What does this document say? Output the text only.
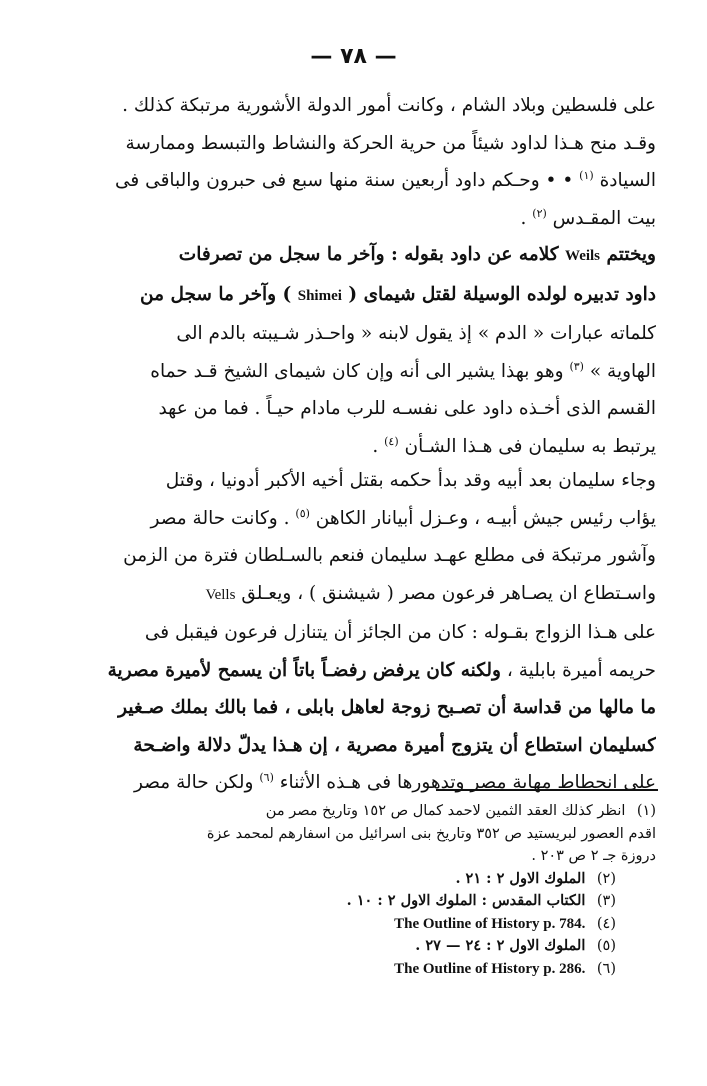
— ٧٨ —
على فلسطين وبلاد الشام ، وكانت أمور الدولة الأشورية مرتبكة كذلك .
وقـد منح هـذا لداود شيئاً من حرية الحركة والنشاط والتبسط وممارسة
السيادة $^{(١)}$ • • وحـكم داود أربعين سنة منها سبع فى حبرون والباقى فى
بيت المقـدس $^{(٢)}$ .
ويختتم Weils كلامه عن داود بقوله : وآخر ما سجل من تصرفات
داود تدبيره لولده الوسيلة لقتل شيماى ( Shimei ) وآخر ما سجل من
كلماته عبارات « الدم » إذ يقول لابنه « واحـذر شـيبته بالدم الى
الهاوية » $^{(٣)}$ وهو بهذا يشير الى أنه وإن كان شيماى الشيخ قـد حماه
القسم الذى أخـذه داود على نفسـه للرب مادام حيـاً . فما من عهد
يرتبط به سليمان فى هـذا الشـأن $^{(٤)}$ .
وجاء سليمان بعد أبيه وقد بدأ حكمه بقتل أخيه الأكبر أدونيا ، وقتل
يؤاب رئيس جيش أبيـه ، وعـزل أبيانار الكاهن $^{(٥)}$ . وكانت حالة مصر
وآشور مرتبكة فى مطلع عهـد سليمان فنعم بالسـلطان فترة من الزمن
واسـتطاع ان يصـاهر فرعون مصر ( شيشنق ) ، ويعـلق Vells
على هـذا الزواج بقـوله : كان من الجائز أن يتنازل فرعون فيقبل فى
حريمه أميرة بابلية ، ولكنه كان يرفض رفضـاً باتاً أن يسمح لأميرة مصرية
ما مالها من قداسة أن تصـبح زوجة لعاهل بابلى ، فما بالك بملك صـغير
كسليمان استطاع أن يتزوج أميرة مصرية ، إن هـذا يدلّ دلالة واضـحة
على انحطاط مهابة مصر وتدهورها فى هـذه الأثناء $^{(٦)}$ ولكن حالة مصر
(١) انظر كذلك العقد الثمين لاحمد كمال ص ١٥٢ وتاريخ مصر من
اقدم العصور لبريستيد ص ٣٥٢ وتاريخ بنى اسرائيل من اسفارهم لمحمد عزة
دروزة جـ ٢ ص ٢٠٣ .
(٢) الملوك الاول ٢ : ٢١ .
(٣) الكتاب المقدس : الملوك الاول ٢ : ١٠ .
(٤) The Outline of History p. 784.
(٥) الملوك الاول ٢ : ٢٤ — ٢٧ .
(٦) The Outline of History p. 286.
